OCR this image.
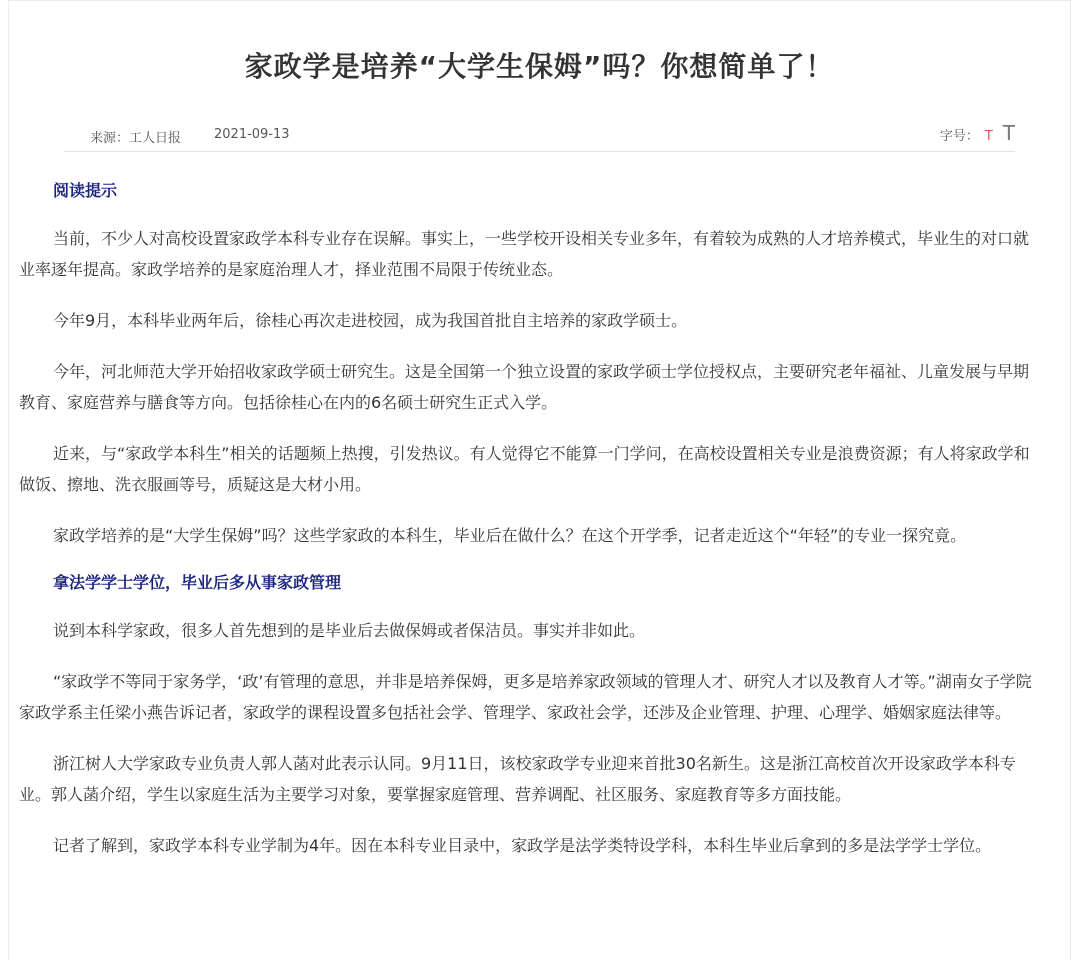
家政学是培养“大学生保姆”吗？你想简单了！
来源：工人日报	2021-09-13	字号： T T
阅读提示

当前，不少人对高校设置家政学本科专业存在误解。事实上，一些学校开设相关专业多年，有着较为成熟的人才培养模式，毕业生的对口就业率逐年提高。家政学培养的是家庭治理人才，择业范围不局限于传统业态。

今年9月，本科毕业两年后，徐桂心再次走进校园，成为我国首批自主培养的家政学硕士。

今年，河北师范大学开始招收家政学硕士研究生。这是全国第一个独立设置的家政学硕士学位授权点，主要研究老年福祉、儿童发展与早期教育、家庭营养与膳食等方向。包括徐桂心在内的6名硕士研究生正式入学。

近来，与“家政学本科生”相关的话题频上热搜，引发热议。有人觉得它不能算一门学问，在高校设置相关专业是浪费资源；有人将家政学和做饭、擦地、洗衣服画等号，质疑这是大材小用。

家政学培养的是“大学生保姆”吗？这些学家政的本科生，毕业后在做什么？在这个开学季，记者走近这个“年轻”的专业一探究竟。

拿法学学士学位，毕业后多从事家政管理

说到本科学家政，很多人首先想到的是毕业后去做保姆或者保洁员。事实并非如此。

“家政学不等同于家务学，‘政’有管理的意思，并非是培养保姆，更多是培养家政领域的管理人才、研究人才以及教育人才等。”湖南女子学院家政学系主任梁小燕告诉记者，家政学的课程设置多包括社会学、管理学、家政社会学，还涉及企业管理、护理、心理学、婚姻家庭法律等。

浙江树人大学家政专业负责人郭人菡对此表示认同。9月11日，该校家政学专业迎来首批30名新生。这是浙江高校首次开设家政学本科专业。郭人菡介绍，学生以家庭生活为主要学习对象，要掌握家庭管理、营养调配、社区服务、家庭教育等多方面技能。

记者了解到，家政学本科专业学制为4年。因在本科专业目录中，家政学是法学类特设学科，本科生毕业后拿到的多是法学学士学位。
